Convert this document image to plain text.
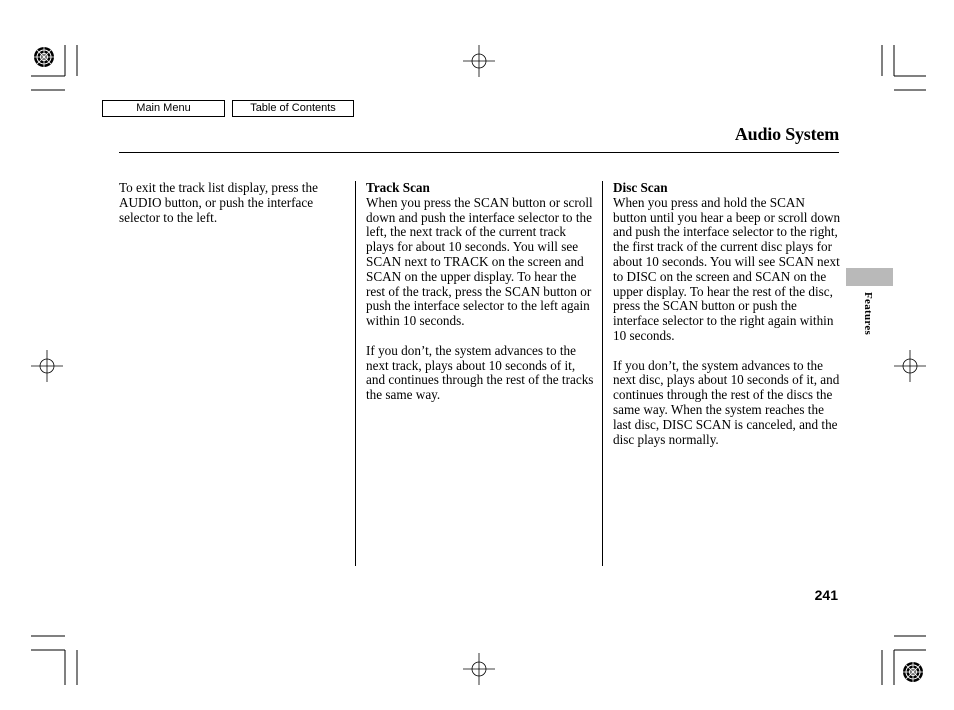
Main Menu	Table of Contents
Audio System

To exit the track list display, press the AUDIO button, or push the interface selector to the left.

Track Scan

When you press the SCAN button or scroll down and push the interface selector to the left, the next track of the current track plays for about 10 seconds. You will see SCAN next to TRACK on the screen and SCAN on the upper display. To hear the rest of the track, press the SCAN button or push the interface selector to the left again within 10 seconds.

If you don’t, the system advances to the next track, plays about 10 seconds of it, and continues through the rest of the tracks the same way.

Disc Scan

When you press and hold the SCAN button until you hear a beep or scroll down and push the interface selector to the right, the first track of the current disc plays for about 10 seconds. You will see SCAN next to DISC on the screen and SCAN on the upper display. To hear the rest of the disc, press the SCAN button or push the interface selector to the right again within 10 seconds.

If you don’t, the system advances to the next disc, plays about 10 seconds of it, and continues through the rest of the discs the same way. When the system reaches the last disc, DISC SCAN is canceled, and the disc plays normally.

Features
241
